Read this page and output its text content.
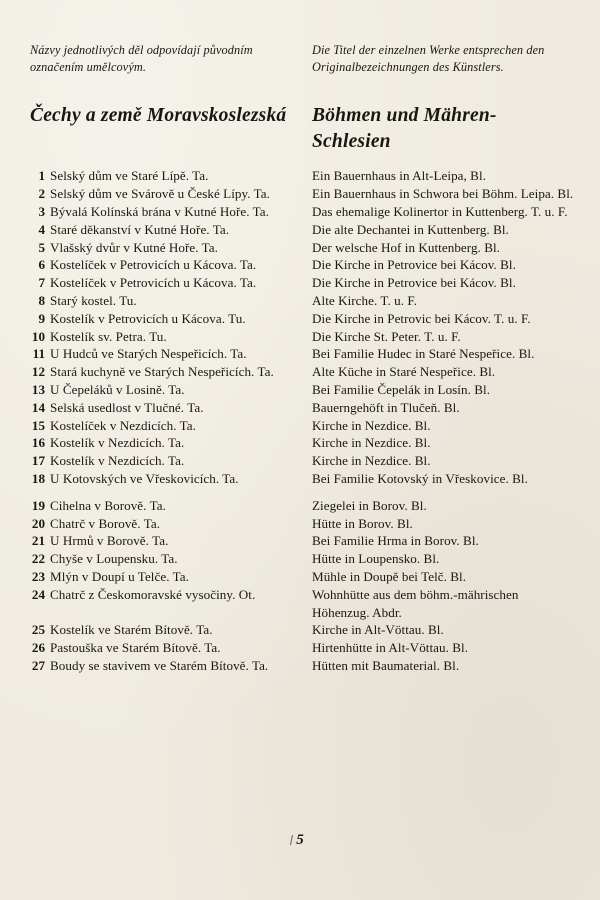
Názvy jednotlivých děl odpovídají původním označením umělcovým.
Die Titel der einzelnen Werke entsprechen den Originalbezeichnungen des Künstlers.
Čechy a země Moravskoslezská	Böhmen und Mähren-Schlesien
1 Selský dům ve Staré Lípě. Ta.	Ein Bauernhaus in Alt-Leipa, Bl.
2 Selský dům ve Svárově u České Lípy. Ta.	Ein Bauernhaus in Schwora bei Böhm. Leipa. Bl.
3 Bývalá Kolínská brána v Kutné Hoře. Ta.	Das ehemalige Kolinertor in Kuttenberg. T. u. F.
4 Staré děkanství v Kutné Hoře. Ta.	Die alte Dechantei in Kuttenberg. Bl.
5 Vlašský dvůr v Kutné Hoře. Ta.	Der welsche Hof in Kuttenberg. Bl.
6 Kostelíček v Petrovicích u Kácova. Ta.	Die Kirche in Petrovice bei Kácov. Bl.
7 Kostelíček v Petrovicích u Kácova. Ta.	Die Kirche in Petrovice bei Kácov. Bl.
8 Starý kostel. Tu.	Alte Kirche. T. u. F.
9 Kostelík v Petrovicích u Kácova. Tu.	Die Kirche in Petrovic bei Kácov. T. u. F.
10 Kostelík sv. Petra. Tu.	Die Kirche St. Peter. T. u. F.
11 U Hudců ve Starých Nespeřicích. Ta.	Bei Familie Hudec in Staré Nespeřice. Bl.
12 Stará kuchyně ve Starých Nespeřicích. Ta.	Alte Küche in Staré Nespeřice. Bl.
13 U Čepeláků v Losině. Ta.	Bei Familie Čepelák in Losín. Bl.
14 Selská usedlost v Tlučné. Ta.	Bauerngehöft in Tlučeň. Bl.
15 Kostelíček v Nezdicích. Ta.	Kirche in Nezdice. Bl.
16 Kostelík v Nezdicích. Ta.	Kirche in Nezdice. Bl.
17 Kostelík v Nezdicích. Ta.	Kirche in Nezdice. Bl.
18 U Kotovských ve Vřeskovicích. Ta.	Bei Familie Kotovský in Vřeskovice. Bl.
19 Cihelna v Borově. Ta.	Ziegelei in Borov. Bl.
20 Chatrč v Borově. Ta.	Hütte in Borov. Bl.
21 U Hrmů v Borově. Ta.	Bei Familie Hrma in Borov. Bl.
22 Chyše v Loupensku. Ta.	Hütte in Loupensko. Bl.
23 Mlýn v Doupí u Telče. Ta.	Mühle in Doupě bei Telč. Bl.
24 Chatrč z Českomoravské vysočiny. Ot.	Wohnhütte aus dem böhm.-mährischen Höhenzug. Abdr.
25 Kostelík ve Starém Bítově. Ta.	Kirche in Alt-Vöttau. Bl.
26 Pastouška ve Starém Bítově. Ta.	Hirtenhütte in Alt-Vöttau. Bl.
27 Boudy se stavivem ve Starém Bítově. Ta.	Hütten mit Baumaterial. Bl.
5
